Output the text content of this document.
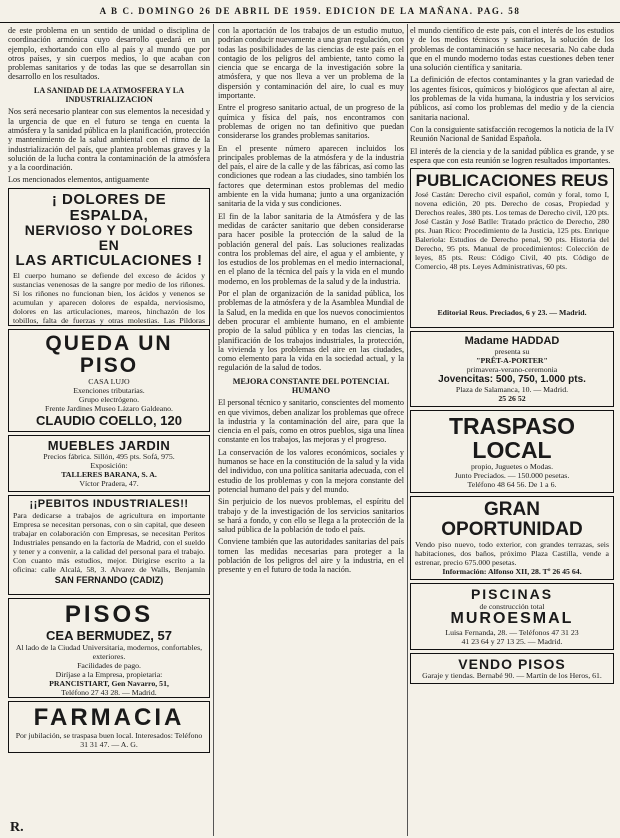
A B C. DOMINGO 26 DE ABRIL DE 1959. EDICION DE LA MAÑANA. PAG. 58

de este problema en un sentido de unidad o disciplina de coordinación armónica cuyo desarrollo quedará en un ejemplo, exhortando con ello al país y al mundo que por otros países, y sin cuerpos medios, lo que acaban con problemas sanitarios y de todas las que se desarrollan sin desarrollo en los resultados.

LA SANIDAD DE LA ATMOSFERA Y LA INDUSTRIALIZACION

Nos será necesario plantear con sus elementos la necesidad y la urgencia de que en el futuro se tenga en cuenta la atmósfera y la sanidad pública en la planificación, protección y mantenimiento de la salud ambiental con el ritmo de la industrialización del país, que plantea problemas graves y la solución de la lucha contra la contaminación de la atmósfera y a la coordinación.

Los mencionados elementos, antiguamente

¡ DOLORES DE ESPALDA,
NERVIOSO Y DOLORES EN
LAS ARTICULACIONES !

El cuerpo humano se defiende del exceso de ácidos y sustancias venenosas de la sangre por medio de los riñones. Si los riñones no funcionan bien, los ácidos y venenos se acumulan y aparecen dolores de espalda, nerviosismo, dolores en las articulaciones, mareos, hinchazón de los tobillos, falta de fuerzas y otras molestias. Las Pildoras

QUEDA UN PISO

CASA LUJO

Exenciones tributarias.

Grupo electrógeno.

Frente Jardines Museo Lázaro Galdeano.

CLAUDIO COELLO, 120
MUEBLES JARDIN

Precios fábrica. Sillón, 495 pts. Sofá, 975.

Exposición:

TALLERES BARANA, S. A.

Víctor Pradera, 47.

¡¡PEBITOS INDUSTRIALES!!

Para dedicarse a trabajos de agricultura en importante Empresa se necesitan personas, con o sin capital, que deseen trabajar en colaboración con Empresas, se necesitan Peritos Industriales pensando en la factoría de Madrid, con el sueldo y tener y a convenir, a la calidad del personal para el trabajo. Con cuanto más estudios, mejor. Dirigirse escrito a la oficina: calle Alcalá, 58, 3. Alvarez de Walls, Benjamín

SAN FERNANDO (CADIZ)
PISOS
CEA BERMUDEZ, 57

Al lado de la Ciudad Universitaria, modernos, confortables, exteriores.

Facilidades de pago.

Diríjase a la Empresa, propietaria:

PRANCISTIART, Gen Navarro, 51,

Teléfono 27 43 28. — Madrid.

FARMACIA

Por jubilación, se traspasa buen local. Interesados: Teléfono 31 31 47. — A. G.

con la aportación de los trabajos de un estudio mutuo, podrían conducir nuevamente a una gran regulación, con todas las posibilidades de las ciencias de este país en el contagio de los peligros del ambiente, tanto como la ciencia que se encarga de la investigación sobre la atmósfera, y que nos lleva a ver un problema de la dispersión y contaminación del aire, lo cual es muy importante.

Entre el progreso sanitario actual, de un progreso de la química y física del país, nos encontramos con problemas de origen no tan definitivo que puedan considerarse los grandes problemas sanitarios.

En el presente número aparecen incluidos los principales problemas de la atmósfera y de la industria del país, el aire de la calle y de las fábricas, así como las condiciones que rodean a las ciudades, sino también los factores que determinan estos problemas del medio ambiente en la vida humana; junto a una organización sanitaria de la vida y sus condiciones.

El fin de la labor sanitaria de la Atmósfera y de las medidas de carácter sanitario que deben considerarse para hacer posible la protección de la salud de la población general del país. Las soluciones realizadas contra los problemas del aire, el agua y el ambiente, y los estudios de los problemas en el medio internacional, en el plano de la técnica del país y la vida en el mundo moderno, en los problemas de la salud y de la industria.

Por el plan de organización de la sanidad pública, los problemas de la atmósfera y de la Asamblea Mundial de la Salud, en la medida en que los nuevos conocimientos deben procurar el ambiente humano, en el ambiente propio de la salud pública y en todas las ciencias, la planificación de los trabajos industriales, la protección, la vivienda y los problemas del aire en las ciudades, como elemento para la vida en la sociedad actual, y la regulación de la salud de todos.

MEJORA CONSTANTE DEL POTENCIAL HUMANO

El personal técnico y sanitario, conscientes del momento en que vivimos, deben analizar los problemas que ofrece la industria y la contaminación del aire, para que la ciencia en el país, como en otros pueblos, siga una línea constante en los trabajos, las mejoras y el progreso.

La conservación de los valores económicos, sociales y humanos se hace en la constitución de la salud y la vida del individuo, con una política sanitaria adecuada, con el estudio de los problemas y con la mejora constante del potencial humano del país y del mundo.

Sin perjuicio de los nuevos problemas, el espíritu del trabajo y de la investigación de los servicios sanitarios se hará a fondo, y con ello se llega a la protección de la salud pública de la población de todo el país.

Conviene también que las autoridades sanitarias del país tomen las medidas necesarias para proteger a la población de los peligros del aire y la industria, en el presente y en el futuro de toda la nación.

el mundo científico de este país, con el interés de los estudios y de los medios técnicos y sanitarios, la solución de los problemas de contaminación se hace necesaria. No cabe duda que en el mundo moderno todas estas cuestiones deben tener una solución científica y sanitaria.

La definición de efectos contaminantes y la gran variedad de los agentes físicos, químicos y biológicos que afectan al aire, los problemas de la vida humana, la industria y los servicios públicos, así como los problemas del medio y de la ciencia sanitaria nacional.

Con la consiguiente satisfacción recogemos la noticia de la IV Reunión Nacional de Sanidad Española.

El interés de la ciencia y de la sanidad pública es grande, y se espera que con esta reunión se logren resultados importantes.

PUBLICACIONES REUS

José Castán: Derecho civil español, común y foral, tomo I, novena edición, 20 pts. Derecho de cosas, Propiedad y Derechos reales, 380 pts. Los temas de Derecho civil, 120 pts. José Castán y José Batlle: Tratado práctico de Derecho, 280 pts. Juan Rico: Procedimiento de la Justicia, 125 pts. Enrique Baleriola: Estudios de Derecho penal, 90 pts. Historia del Derecho, 95 pts. Manual de procedimientos: Colección de leyes, 85 pts. Reus: Código Civil, 40 pts. Código de Comercio, 48 pts. Leyes Administrativas, 60 pts.

Editorial Reus. Preciados, 6 y 23. — Madrid.

Madame HADDAD

presenta su

"PRÊT-A-PORTER"

primavera-verano-ceremonia

Jovencitas: 500, 750, 1.000 pts.

Plaza de Salamanca, 10. — Madrid.

25 26 52

TRASPASO LOCAL

propio, Juguetes o Modas.

Junto Preciados. — 150.000 pesetas.

Teléfono 48 64 56. De 1 a 6.

GRAN OPORTUNIDAD

Vendo piso nuevo, todo exterior, con grandes terrazas, seis habitaciones, dos baños, próximo Plaza Castilla, vende a estrenar, precio 675.000 pesetas.

Información: Alfonso XII, 28. Tº 26 45 64.

PISCINAS

de construcción total

MUROESMAL

Luisa Fernanda, 28. — Teléfonos 47 31 23

41 23 64 y 27 13 25. — Madrid.

VENDO PISOS

Garaje y tiendas. Bernabé 90. — Martín de los Heros, 61.

R.
